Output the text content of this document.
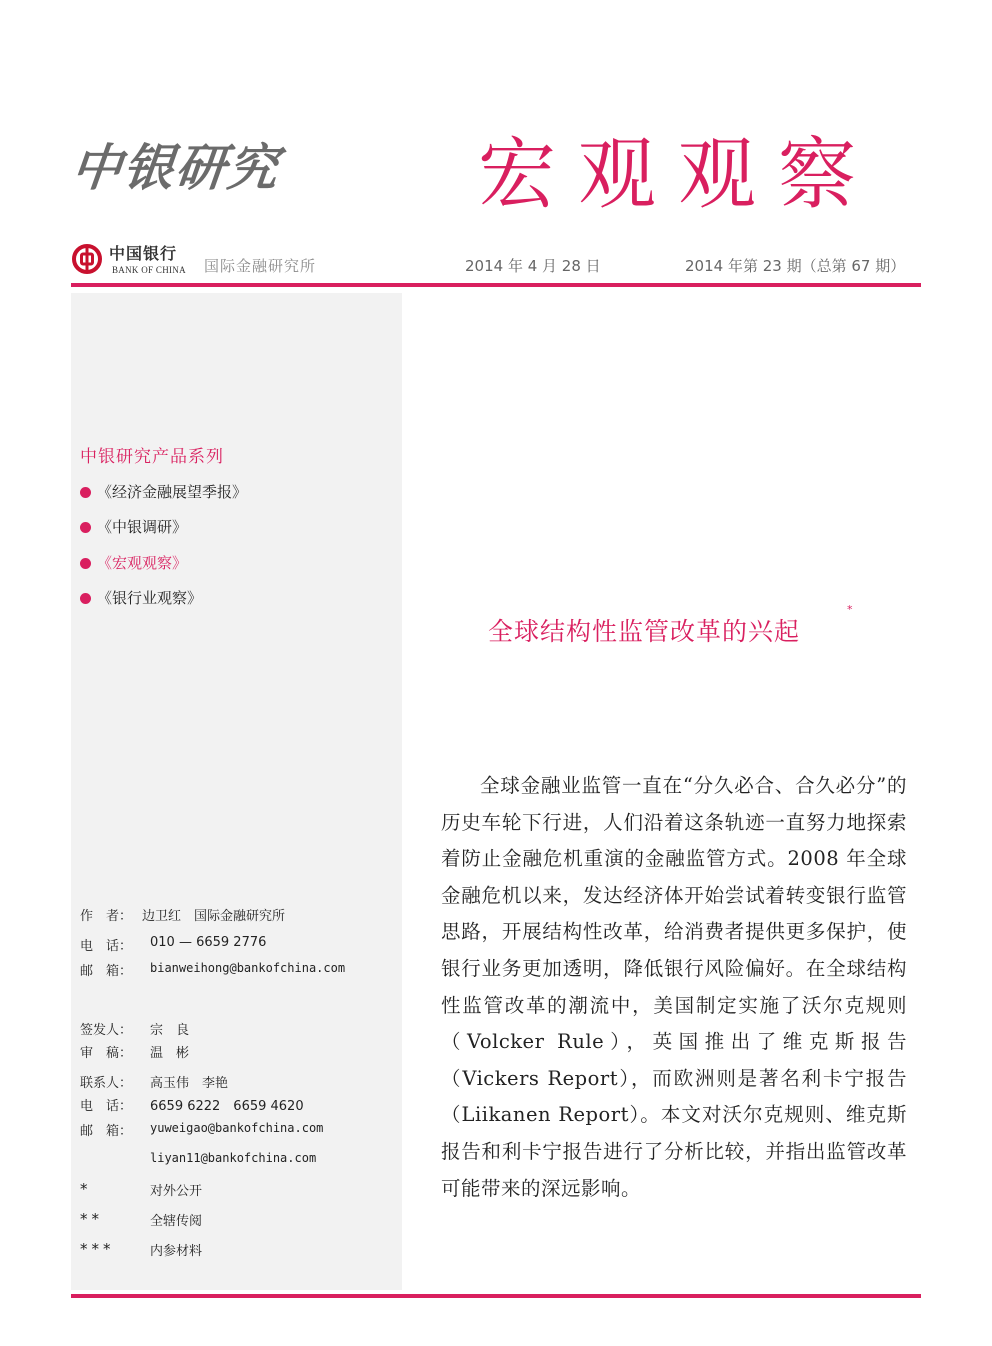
中银研究	宏观观察
中国银行
BANK OF CHINA 国际金融研究所	2014 年 4 月 28 日	2014 年第 23 期（总第 67 期）
中银研究产品系列
《经济金融展望季报》
《中银调研》
《宏观观察》
《银行业观察》
作　者： 边卫红　国际金融研究所
电　话： 010 — 6659 2776
邮　箱： bianweihong@bankofchina.com
签发人： 宗　良
审　稿： 温　彬
联系人： 高玉伟　李艳
电　话： 6659 6222　6659 4620
邮　箱： yuweigao@bankofchina.com
liyan11@bankofchina.com
*	对外公开
**	全辖传阅
***	内参材料
全球结构性监管改革的兴起
*
全球金融业监管一直在“分久必合、合久必分”的历史车轮下行进，人们沿着这条轨迹一直努力地探索着防止金融危机重演的金融监管方式。2008 年全球金融危机以来，发达经济体开始尝试着转变银行监管思路，开展结构性改革，给消费者提供更多保护，使银行业务更加透明，降低银行风险偏好。在全球结构性监管改革的潮流中，美国制定实施了沃尔克规则（Volcker Rule），英国推出了维克斯报告（Vickers Report），而欧洲则是著名利卡宁报告（Liikanen Report）。本文对沃尔克规则、维克斯报告和利卡宁报告进行了分析比较，并指出监管改革可能带来的深远影响。
